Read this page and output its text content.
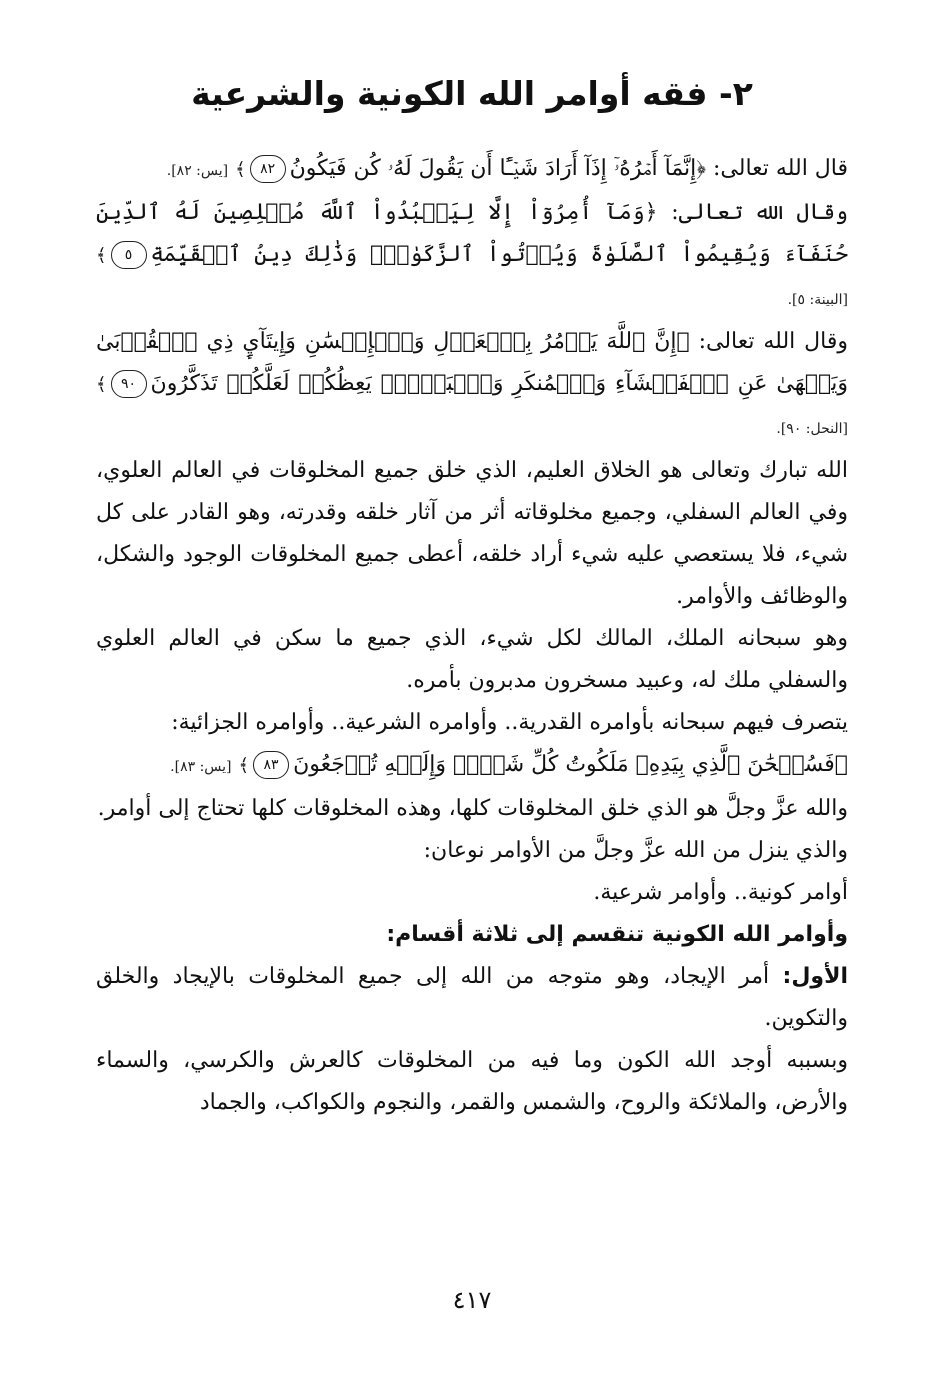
٢- فقه أوامر الله الكونية والشرعية

قال الله تعالى: ﴿إِنَّمَآ أَمۡرُهُۥٓ إِذَآ أَرَادَ شَيۡـًٔا أَن يَقُولَ لَهُۥ كُن فَيَكُونُ٨٢﴾ [يس: ٨٢].

وقال الله تعالى: ﴿وَمَآ أُمِرُوٓاْ إِلَّا لِيَعۡبُدُواْ ٱللَّهَ مُخۡلِصِينَ لَهُ ٱلدِّينَ حُنَفَآءَ وَيُقِيمُواْ ٱلصَّلَوٰةَ وَيُؤۡتُواْ ٱلزَّكَوٰةَۚ وَذَٰلِكَ دِينُ ٱلۡقَيِّمَةِ٥﴾ [البينة: ٥].

وقال الله تعالى: ﴿إِنَّ ٱللَّهَ يَأۡمُرُ بِٱلۡعَدۡلِ وَٱلۡإِحۡسَٰنِ وَإِيتَآيِٕ ذِي ٱلۡقُرۡبَىٰ وَيَنۡهَىٰ عَنِ ٱلۡفَحۡشَآءِ وَٱلۡمُنكَرِ وَٱلۡبَغۡيِۚ يَعِظُكُمۡ لَعَلَّكُمۡ تَذَكَّرُونَ٩٠﴾ [النحل: ٩٠].

الله تبارك وتعالى هو الخلاق العليم، الذي خلق جميع المخلوقات في العالم العلوي، وفي العالم السفلي، وجميع مخلوقاته أثر من آثار خلقه وقدرته، وهو القادر على كل شيء، فلا يستعصي عليه شيء أراد خلقه، أعطى جميع المخلوقات الوجود والشكل، والوظائف والأوامر.

وهو سبحانه الملك، المالك لكل شيء، الذي جميع ما سكن في العالم العلوي والسفلي ملك له، وعبيد مسخرون مدبرون بأمره.

يتصرف فيهم سبحانه بأوامره القدرية.. وأوامره الشرعية.. وأوامره الجزائية:

﴿فَسُبۡحَٰنَ ٱلَّذِي بِيَدِهِۦ مَلَكُوتُ كُلِّ شَيۡءٖ وَإِلَيۡهِ تُرۡجَعُونَ٨٣﴾ [يس: ٨٣].

والله عزَّ وجلَّ هو الذي خلق المخلوقات كلها، وهذه المخلوقات كلها تحتاج إلى أوامر.

والذي ينزل من الله عزَّ وجلَّ من الأوامر نوعان:

أوامر كونية.. وأوامر شرعية.

وأوامر الله الكونية تنقسم إلى ثلاثة أقسام:

الأول: أمر الإيجاد، وهو متوجه من الله إلى جميع المخلوقات بالإيجاد والخلق والتكوين.

وبسببه أوجد الله الكون وما فيه من المخلوقات كالعرش والكرسي، والسماء والأرض، والملائكة والروح، والشمس والقمر، والنجوم والكواكب، والجماد

٤١٧
